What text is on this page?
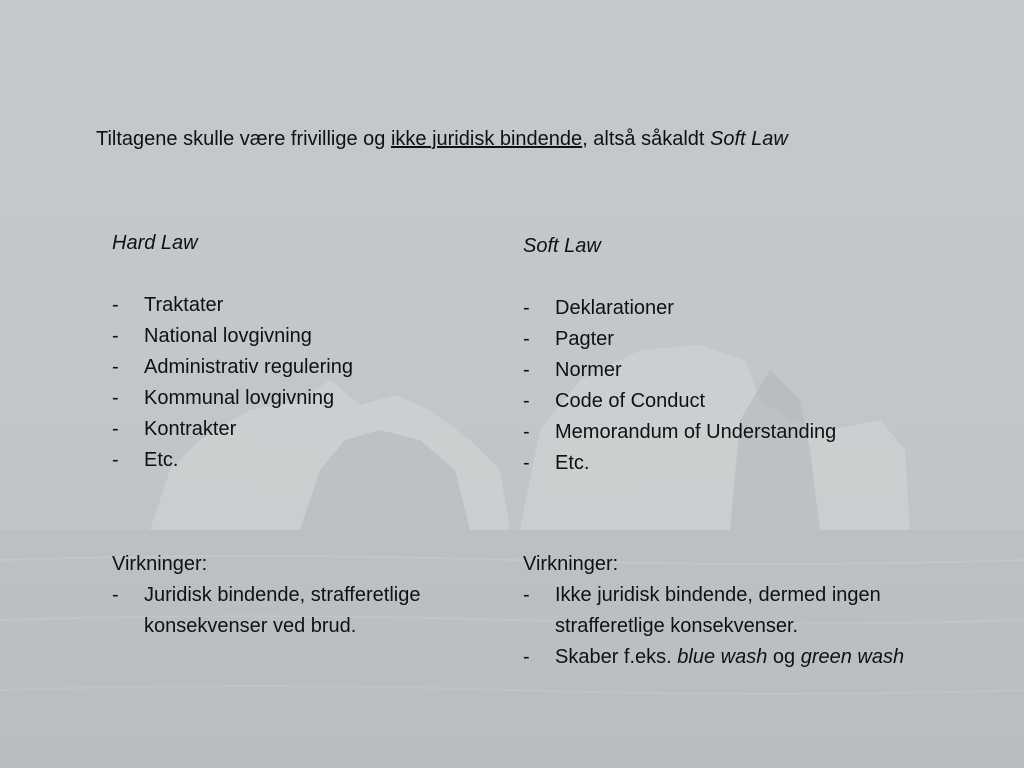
Tiltagene skulle være frivillige og ikke juridisk bindende, altså såkaldt Soft Law
Hard Law
- Traktater
- National lovgivning
- Administrativ regulering
- Kommunal lovgivning
- Kontrakter
- Etc.
Soft Law
- Deklarationer
- Pagter
- Normer
- Code of Conduct
- Memorandum of Understanding
- Etc.
Virkninger:
- Juridisk bindende, strafferetlige konsekvenser ved brud.
Virkninger:
- Ikke juridisk bindende, dermed ingen strafferetlige konsekvenser.
- Skaber f.eks. blue wash og green wash
